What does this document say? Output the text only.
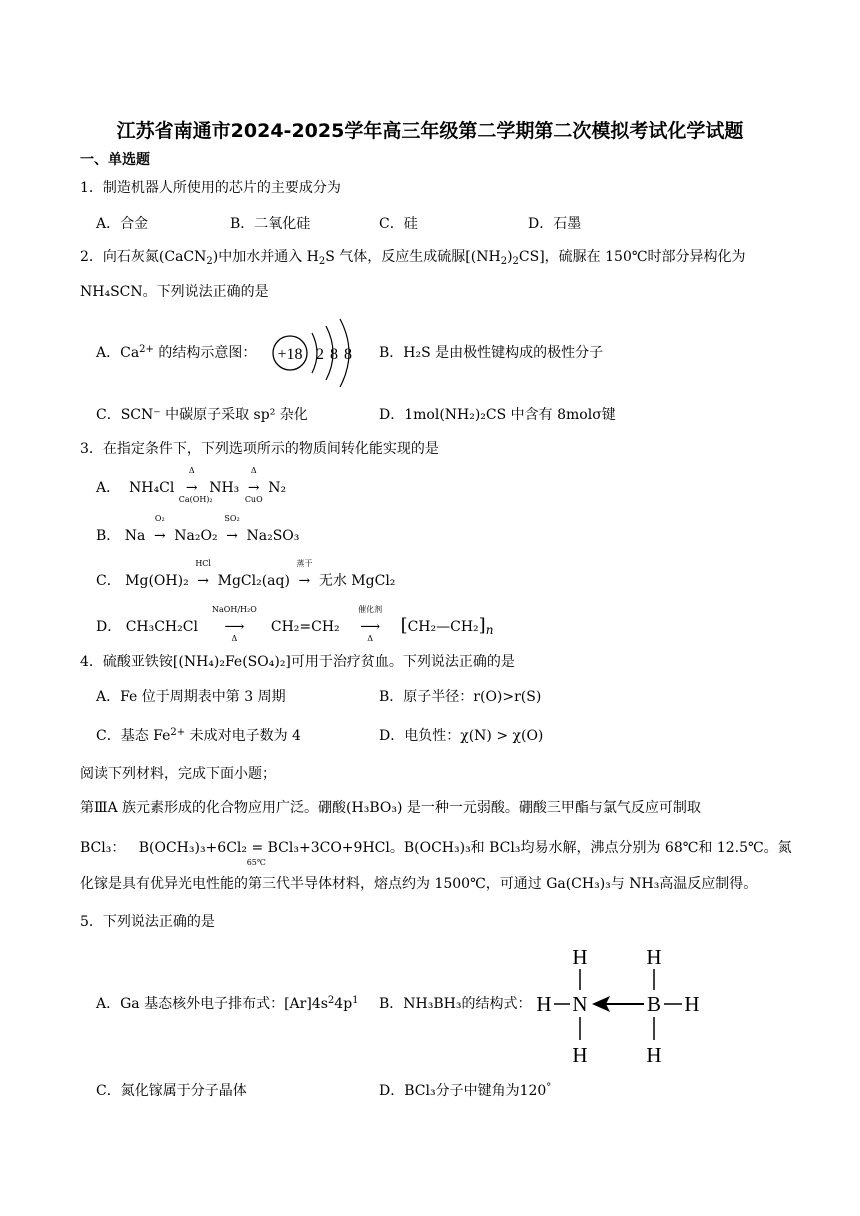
江苏省南通市2024-2025学年高三年级第二学期第二次模拟考试化学试题
一、单选题
1．制造机器人所使用的芯片的主要成分为
A．合金	B．二氧化硅	C．硅	D．石墨
2．向石灰氮(CaCN$_2$)中加水并通入 $H_2S$ 气体，反应生成硫脲$[(NH_2)_2CS]$，硫脲在 150℃时部分异构化为
NH₄SCN。下列说法正确的是
A．$Ca^{2+}$ 的结构示意图： +18 2 8 8 B．H₂S 是由极性键构成的极性分子
C．SCN⁻ 中碳原子采取 sp² 杂化	D．1mol(NH₂)₂CS 中含有 8molσ键
3．在指定条件下，下列选项所示的物质间转化能实现的是
A． NH₄Cl
Δ
→
Ca(OH)₂
NH₃
Δ
→
CuO
N₂
B． Na
O₂
→ Na₂O₂
SO₂
→ Na₂SO₃
C． Mg(OH)₂
HCl
→ MgCl₂(aq)
蒸干
→ 无水 MgCl₂
D． CH₃CH₂Cl
NaOH/H₂O
⟶
Δ
CH₂=CH₂
催化剂
⟶
Δ
$[CH_2—CH_2]_n$
4．硫酸亚铁铵[(NH₄)₂Fe(SO₄)₂]可用于治疗贫血。下列说法正确的是
A．Fe 位于周期表中第 3 周期	B．原子半径：r(O)>r(S)
C．基态 $Fe^{2+}$ 未成对电子数为 4	D．电负性：χ(N) > χ(O)
阅读下列材料，完成下面小题；
第ⅢA 族元素形成的化合物应用广泛。硼酸(H₃BO₃) 是一种一元弱酸。硼酸三甲酯与氯气反应可制取
BCl₃： B(OCH₃)₃+6Cl₂ = BCl₃+3CO+9HCl
65℃
。B(OCH₃)₃和 BCl₃均易水解，沸点分别为 68℃和 12.5℃。氮
化镓是具有优异光电性能的第三代半导体材料，熔点约为 1500℃，可通过 Ga(CH₃)₃与 NH₃高温反应制得。
5．下列说法正确的是
A．Ga 基态核外电子排布式：$[Ar]4s^24p^1$ B．NH₃BH₃的结构式：
H
H N
H
H
B H
H
C．氮化镓属于分子晶体	D．BCl₃分子中键角为120°
